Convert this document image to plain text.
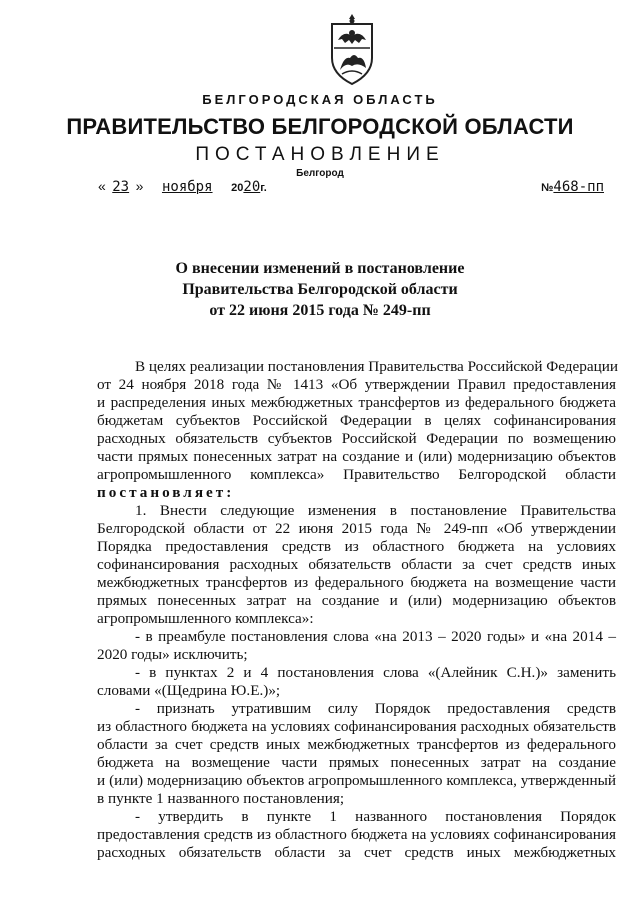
БЕЛГОРОДСКАЯ ОБЛАСТЬ
ПРАВИТЕЛЬСТВО БЕЛГОРОДСКОЙ ОБЛАСТИ
ПОСТАНОВЛЕНИЕ
Белгород
« 23 » ноября 2020г.	№468-пп
О внесении изменений в постановление
Правительства Белгородской области
от 22 июня 2015 года № 249-пп
В целях реализации постановления Правительства Российской Федерации
от 24 ноября 2018 года № 1413 «Об утверждении Правил предоставления
и распределения иных межбюджетных трансфертов из федерального бюджета
бюджетам субъектов Российской Федерации в целях софинансирования
расходных обязательств субъектов Российской Федерации по возмещению
части прямых понесенных затрат на создание и (или) модернизацию объектов
агропромышленного комплекса» Правительство Белгородской области
постановляет:
1. Внести следующие изменения в постановление Правительства
Белгородской области от 22 июня 2015 года № 249-пп «Об утверждении
Порядка предоставления средств из областного бюджета на условиях
софинансирования расходных обязательств области за счет средств иных
межбюджетных трансфертов из федерального бюджета на возмещение части
прямых понесенных затрат на создание и (или) модернизацию объектов
агропромышленного комплекса»:
- в преамбуле постановления слова «на 2013 – 2020 годы» и «на 2014 –
2020 годы» исключить;
- в пунктах 2 и 4 постановления слова «(Алейник С.Н.)» заменить
словами «(Щедрина Ю.Е.)»;
- признать утратившим силу Порядок предоставления средств
из областного бюджета на условиях софинансирования расходных обязательств
области за счет средств иных межбюджетных трансфертов из федерального
бюджета на возмещение части прямых понесенных затрат на создание
и (или) модернизацию объектов агропромышленного комплекса, утвержденный
в пункте 1 названного постановления;
- утвердить в пункте 1 названного постановления Порядок
предоставления средств из областного бюджета на условиях софинансирования
расходных обязательств области за счет средств иных межбюджетных
